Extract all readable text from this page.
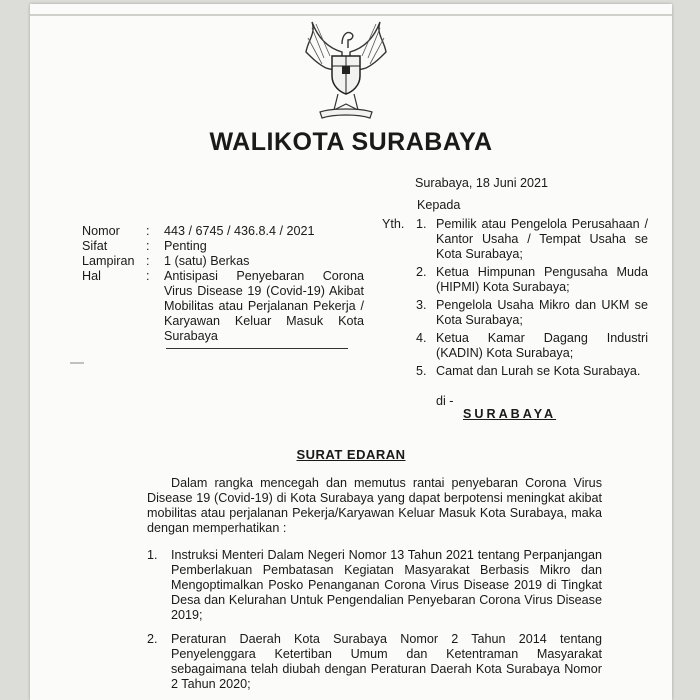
WALIKOTA SURABAYA
Surabaya, 18 Juni 2021
Kepada
Nomor	:	443 / 6745 / 436.8.4 / 2021
Sifat	:	Penting
Lampiran :	1 (satu) Berkas
Hal	:	Antisipasi Penyebaran Corona Virus Disease 19 (Covid-19) Akibat Mobilitas atau Perjalanan Pekerja / Karyawan Keluar Masuk Kota Surabaya
Yth. 1. Pemilik atau Pengelola Perusahaan / Kantor Usaha / Tempat Usaha se Kota Surabaya;
2. Ketua Himpunan Pengusaha Muda (HIPMI) Kota Surabaya;
3. Pengelola Usaha Mikro dan UKM se Kota Surabaya;
4. Ketua Kamar Dagang Industri (KADIN) Kota Surabaya;
5. Camat dan Lurah se Kota Surabaya.
di -
SURABAYA
SURAT EDARAN
Dalam rangka mencegah dan memutus rantai penyebaran Corona Virus Disease 19 (Covid-19) di Kota Surabaya yang dapat berpotensi meningkat akibat mobilitas atau perjalanan Pekerja/Karyawan Keluar Masuk Kota Surabaya, maka dengan memperhatikan :
1.	Instruksi Menteri Dalam Negeri Nomor 13 Tahun 2021 tentang Perpanjangan Pemberlakuan Pembatasan Kegiatan Masyarakat Berbasis Mikro dan Mengoptimalkan Posko Penanganan Corona Virus Disease 2019 di Tingkat Desa dan Kelurahan Untuk Pengendalian Penyebaran Corona Virus Disease 2019;
2.	Peraturan Daerah Kota Surabaya Nomor 2 Tahun 2014 tentang Penyelenggara Ketertiban Umum dan Ketentraman Masyarakat sebagaimana telah diubah dengan Peraturan Daerah Kota Surabaya Nomor 2 Tahun 2020;
